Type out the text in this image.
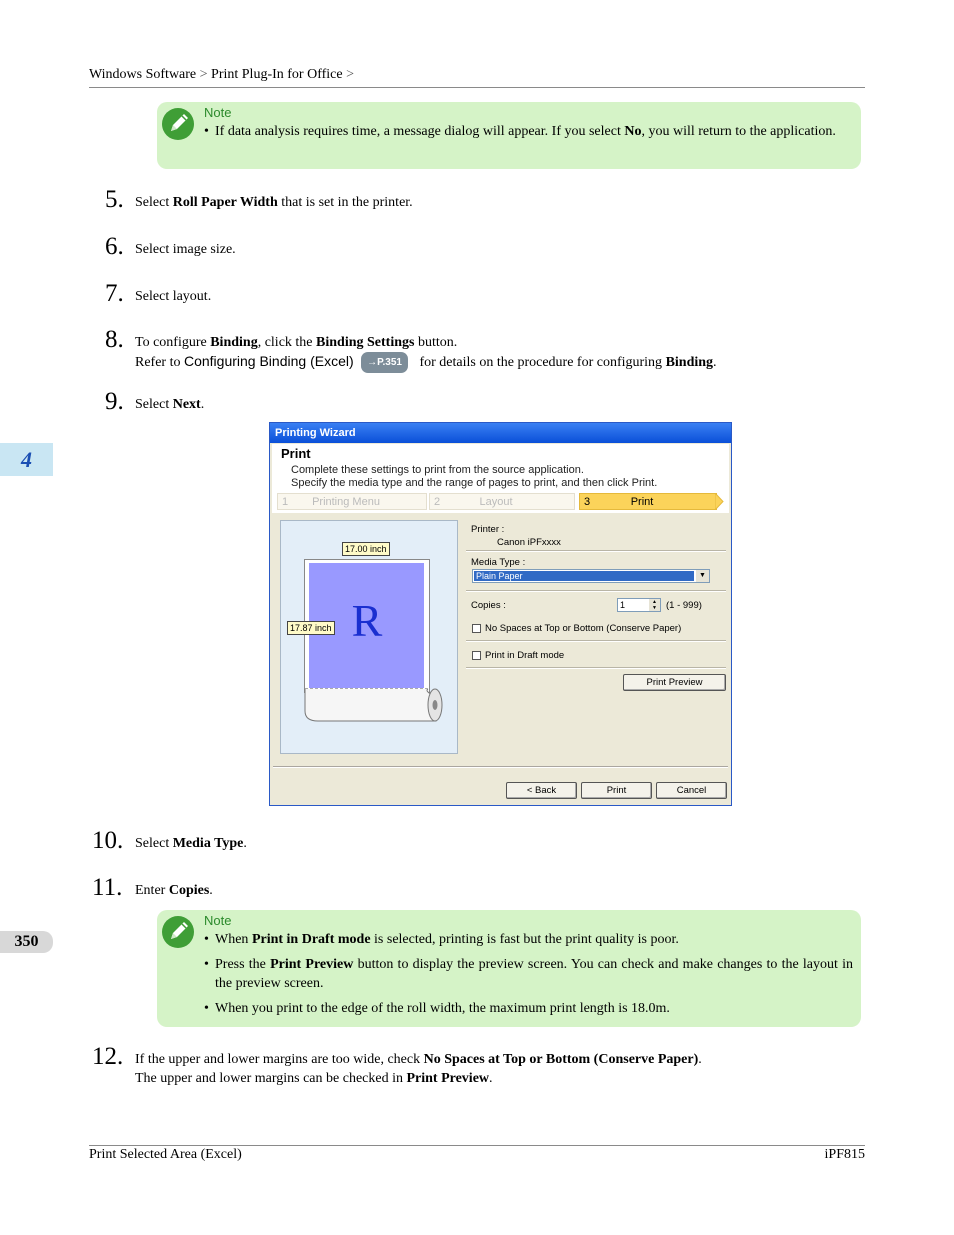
Windows Software > Print Plug-In for Office >
4
350
Note
• If data analysis requires time, a message dialog will appear. If you select No, you will return to the application.
5. Select Roll Paper Width that is set in the printer.
6. Select image size.
7. Select layout.
8. To configure Binding, click the Binding Settings button.
Refer to Configuring Binding (Excel) →P.351 for details on the procedure for configuring Binding.
9. Select Next.
Printing Wizard
Print
Complete these settings to print from the source application.
Specify the media type and the range of pages to print, and then click Print.
1	Printing Menu	2	Layout	3	Print
R
17.00 inch
17.87 inch
Printer :
Canon iPFxxxx
Media Type :
Plain Paper	▼
Copies :	1	▲
▼ (1 - 999)
No Spaces at Top or Bottom (Conserve Paper)
Print in Draft mode
Print Preview
< Back	Print	Cancel
10. Select Media Type.
11. Enter Copies.
Note
• When Print in Draft mode is selected, printing is fast but the print quality is poor.
• Press the Print Preview button to display the preview screen. You can check and make changes to the layout in the preview screen.
• When you print to the edge of the roll width, the maximum print length is 18.0m.
12. If the upper and lower margins are too wide, check No Spaces at Top or Bottom (Conserve Paper).
The upper and lower margins can be checked in Print Preview.
Print Selected Area (Excel)	iPF815
